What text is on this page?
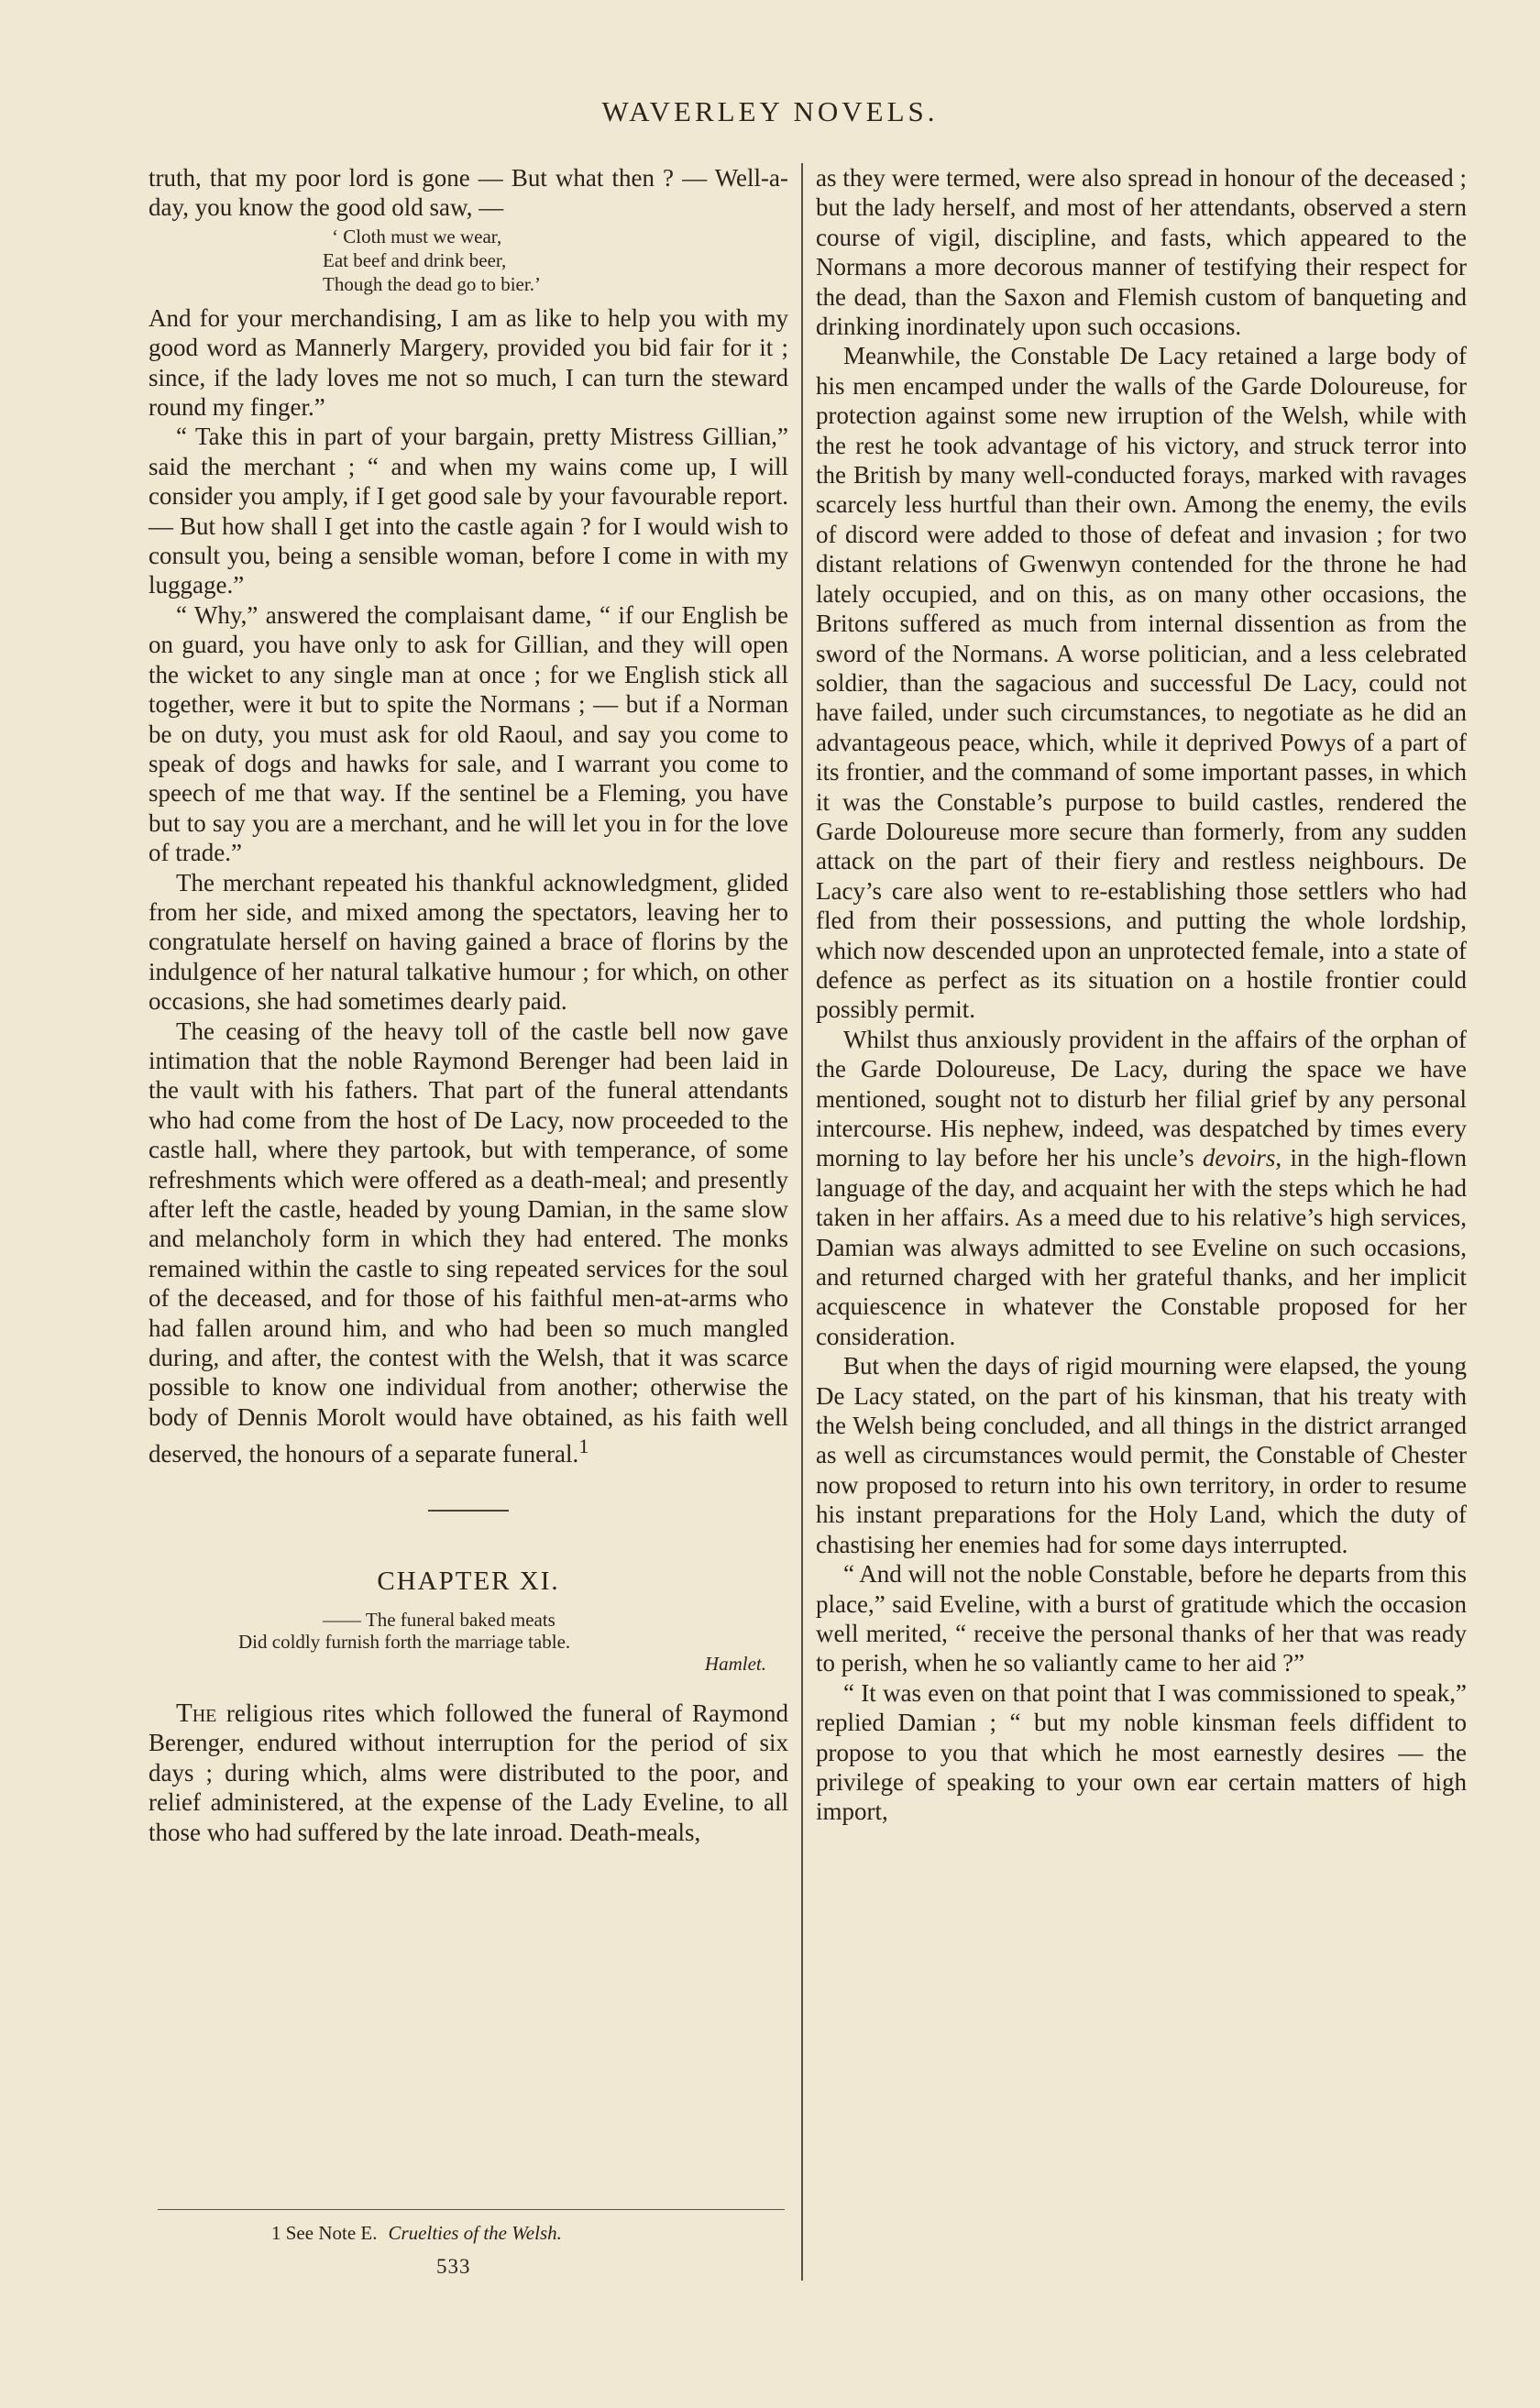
WAVERLEY NOVELS.

truth, that my poor lord is gone — But what then ? — Well-a-day, you know the good old saw, —

‘ Cloth must we wear,
Eat beef and drink beer,
Though the dead go to bier.’

And for your merchandising, I am as like to help you with my good word as Mannerly Margery, provided you bid fair for it ; since, if the lady loves me not so much, I can turn the steward round my finger.”

“ Take this in part of your bargain, pretty Mistress Gillian,” said the merchant ; “ and when my wains come up, I will consider you amply, if I get good sale by your favourable report. — But how shall I get into the castle again ? for I would wish to consult you, being a sensible woman, before I come in with my luggage.”

“ Why,” answered the complaisant dame, “ if our English be on guard, you have only to ask for Gillian, and they will open the wicket to any single man at once ; for we English stick all together, were it but to spite the Normans ; — but if a Norman be on duty, you must ask for old Raoul, and say you come to speak of dogs and hawks for sale, and I warrant you come to speech of me that way. If the sentinel be a Fleming, you have but to say you are a merchant, and he will let you in for the love of trade.”

The merchant repeated his thankful acknowledgment, glided from her side, and mixed among the spectators, leaving her to congratulate herself on having gained a brace of florins by the indulgence of her natural talkative humour ; for which, on other occasions, she had sometimes dearly paid.

The ceasing of the heavy toll of the castle bell now gave intimation that the noble Raymond Berenger had been laid in the vault with his fathers. That part of the funeral attendants who had come from the host of De Lacy, now proceeded to the castle hall, where they partook, but with temperance, of some refreshments which were offered as a death-meal; and presently after left the castle, headed by young Damian, in the same slow and melancholy form in which they had entered. The monks remained within the castle to sing repeated services for the soul of the deceased, and for those of his faithful men-at-arms who had fallen around him, and who had been so much mangled during, and after, the contest with the Welsh, that it was scarce possible to know one individual from another; otherwise the body of Dennis Morolt would have obtained, as his faith well deserved, the honours of a separate funeral.$^1$

CHAPTER XI.
—— The funeral baked meats
Did coldly furnish forth the marriage table.
Hamlet.

The religious rites which followed the funeral of Raymond Berenger, endured without interruption for the period of six days ; during which, alms were distributed to the poor, and relief administered, at the expense of the Lady Eveline, to all those who had suffered by the late inroad. Death-meals,

as they were termed, were also spread in honour of the deceased ; but the lady herself, and most of her attendants, observed a stern course of vigil, discipline, and fasts, which appeared to the Normans a more decorous manner of testifying their respect for the dead, than the Saxon and Flemish custom of banqueting and drinking inordinately upon such occasions.

Meanwhile, the Constable De Lacy retained a large body of his men encamped under the walls of the Garde Doloureuse, for protection against some new irruption of the Welsh, while with the rest he took advantage of his victory, and struck terror into the British by many well-conducted forays, marked with ravages scarcely less hurtful than their own. Among the enemy, the evils of discord were added to those of defeat and invasion ; for two distant relations of Gwenwyn contended for the throne he had lately occupied, and on this, as on many other occasions, the Britons suffered as much from internal dissention as from the sword of the Normans. A worse politician, and a less celebrated soldier, than the sagacious and successful De Lacy, could not have failed, under such circumstances, to negotiate as he did an advantageous peace, which, while it deprived Powys of a part of its frontier, and the command of some important passes, in which it was the Constable’s purpose to build castles, rendered the Garde Doloureuse more secure than formerly, from any sudden attack on the part of their fiery and restless neighbours. De Lacy’s care also went to re-establishing those settlers who had fled from their possessions, and putting the whole lordship, which now descended upon an unprotected female, into a state of defence as perfect as its situation on a hostile frontier could possibly permit.

Whilst thus anxiously provident in the affairs of the orphan of the Garde Doloureuse, De Lacy, during the space we have mentioned, sought not to disturb her filial grief by any personal intercourse. His nephew, indeed, was despatched by times every morning to lay before her his uncle’s devoirs, in the high-flown language of the day, and acquaint her with the steps which he had taken in her affairs. As a meed due to his relative’s high services, Damian was always admitted to see Eveline on such occasions, and returned charged with her grateful thanks, and her implicit acquiescence in whatever the Constable proposed for her consideration.

But when the days of rigid mourning were elapsed, the young De Lacy stated, on the part of his kinsman, that his treaty with the Welsh being concluded, and all things in the district arranged as well as circumstances would permit, the Constable of Chester now proposed to return into his own territory, in order to resume his instant preparations for the Holy Land, which the duty of chastising her enemies had for some days interrupted.

“ And will not the noble Constable, before he departs from this place,” said Eveline, with a burst of gratitude which the occasion well merited, “ receive the personal thanks of her that was ready to perish, when he so valiantly came to her aid ?”

“ It was even on that point that I was commissioned to speak,” replied Damian ; “ but my noble kinsman feels diffident to propose to you that which he most earnestly desires — the privilege of speaking to your own ear certain matters of high import,

1 See Note E. Cruelties of the Welsh.
533
